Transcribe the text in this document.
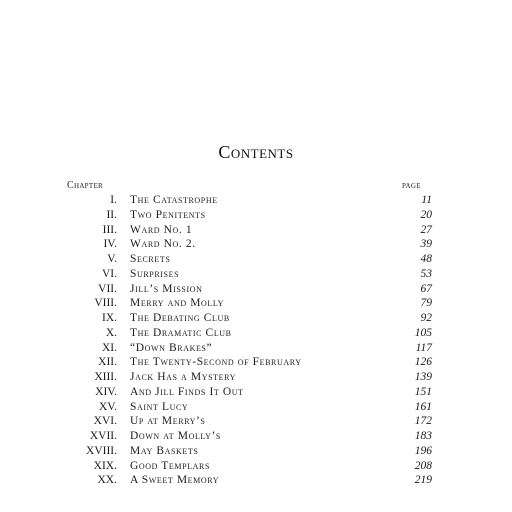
Contents
Chapter	page
I. The Catastrophe	11
II. Two Penitents	20
III. Ward No. 1	27
IV. Ward No. 2.	39
V. Secrets	48
VI. Surprises	53
VII. Jill’s Mission	67
VIII. Merry and Molly	79
IX. The Debating Club	92
X. The Dramatic Club	105
XI. “Down Brakes”	117
XII. The Twenty-Second of February	126
XIII. Jack Has a Mystery	139
XIV. And Jill Finds It Out	151
XV. Saint Lucy	161
XVI. Up at Merry’s	172
XVII. Down at Molly’s	183
XVIII. May Baskets	196
XIX. Good Templars	208
XX. A Sweet Memory	219
